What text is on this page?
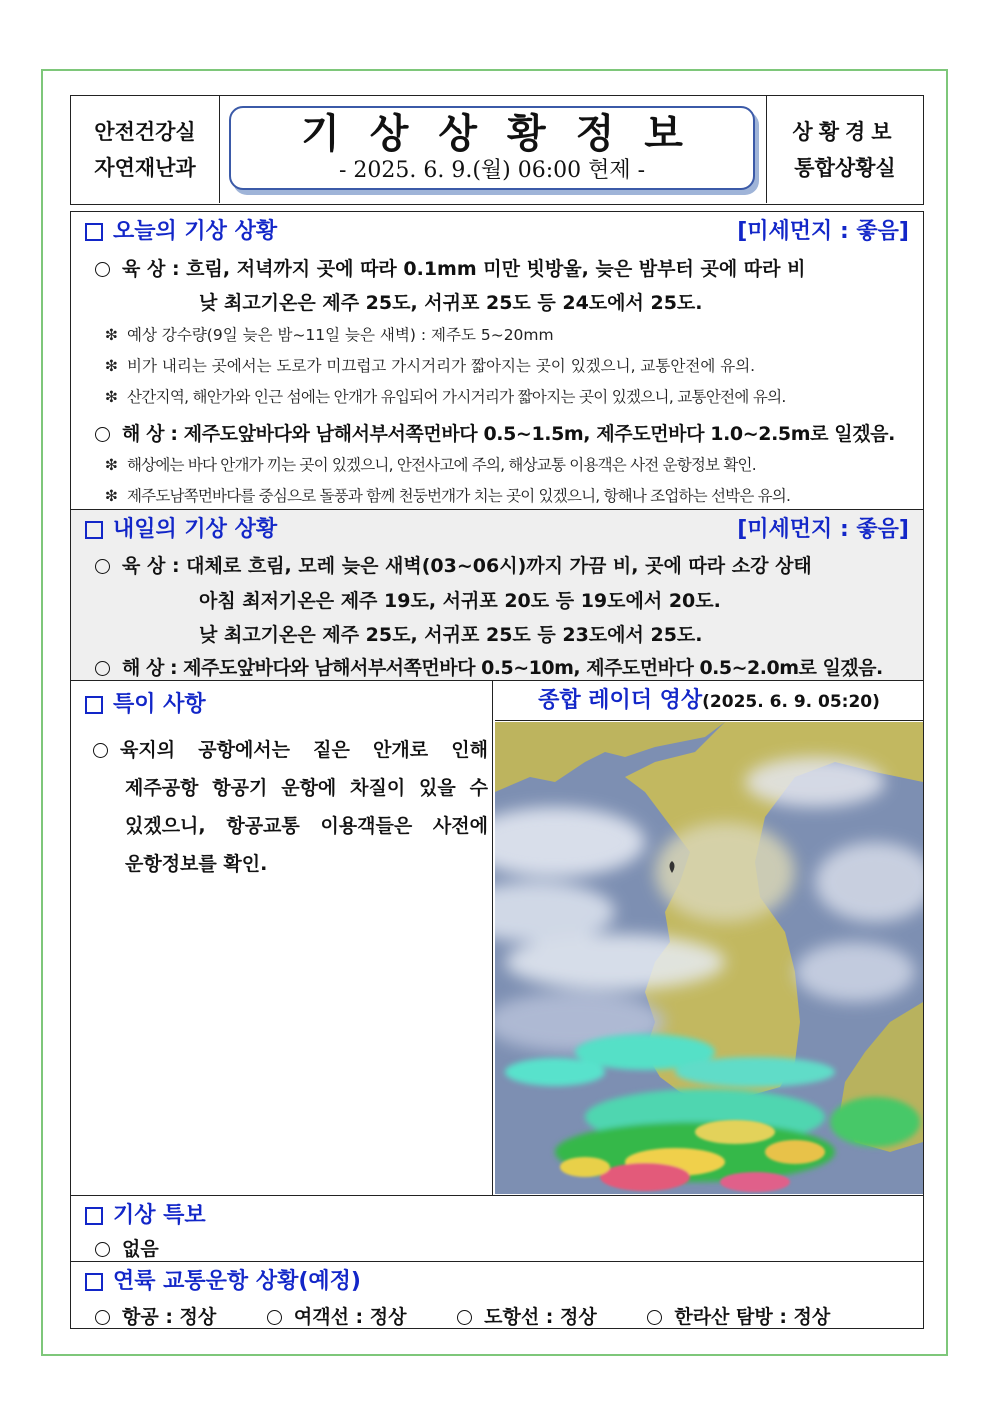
안전건강실
자연재난과
기상상황정보
- 2025. 6. 9.(월) 06:00 현제 -
상황경보
통합상황실
오늘의 기상 상황	[미세먼지 : 좋음]
육 상 : 흐림, 저녁까지 곳에 따라 0.1mm 미만 빗방울, 늦은 밤부터 곳에 따라 비
낮 최고기온은 제주 25도, 서귀포 25도 등 24도에서 25도.
❇ 예상 강수량(9일 늦은 밤~11일 늦은 새벽) : 제주도 5~20mm
❇ 비가 내리는 곳에서는 도로가 미끄럽고 가시거리가 짧아지는 곳이 있겠으니, 교통안전에 유의.
❇ 산간지역, 해안가와 인근 섬에는 안개가 유입되어 가시거리가 짧아지는 곳이 있겠으니, 교통안전에 유의.
해 상 : 제주도앞바다와 남해서부서쪽먼바다 0.5~1.5m, 제주도먼바다 1.0~2.5m로 일겠음.
❇ 해상에는 바다 안개가 끼는 곳이 있겠으니, 안전사고에 주의, 해상교통 이용객은 사전 운항정보 확인.
❇ 제주도남쪽먼바다를 중심으로 돌풍과 함께 천둥번개가 치는 곳이 있겠으니, 항해나 조업하는 선박은 유의.
내일의 기상 상황	[미세먼지 : 좋음]
육 상 : 대체로 흐림, 모레 늦은 새벽(03~06시)까지 가끔 비, 곳에 따라 소강 상태
아침 최저기온은 제주 19도, 서귀포 20도 등 19도에서 20도.
낮 최고기온은 제주 25도, 서귀포 25도 등 23도에서 25도.
해 상 : 제주도앞바다와 남해서부서쪽먼바다 0.5~10m, 제주도먼바다 0.5~2.0m로 일겠음.
특이 사항
육지의 공항에서는 짙은 안개로 인해
제주공항 항공기 운항에 차질이 있을 수
있겠으니, 항공교통 이용객들은 사전에
운항정보를 확인.
종합 레이더 영상(2025. 6. 9. 05:20)
기상 특보
없음
연륙 교통운항 상황(예정)
항공 : 정상	여객선 : 정상	도항선 : 정상	한라산 탐방 : 정상
